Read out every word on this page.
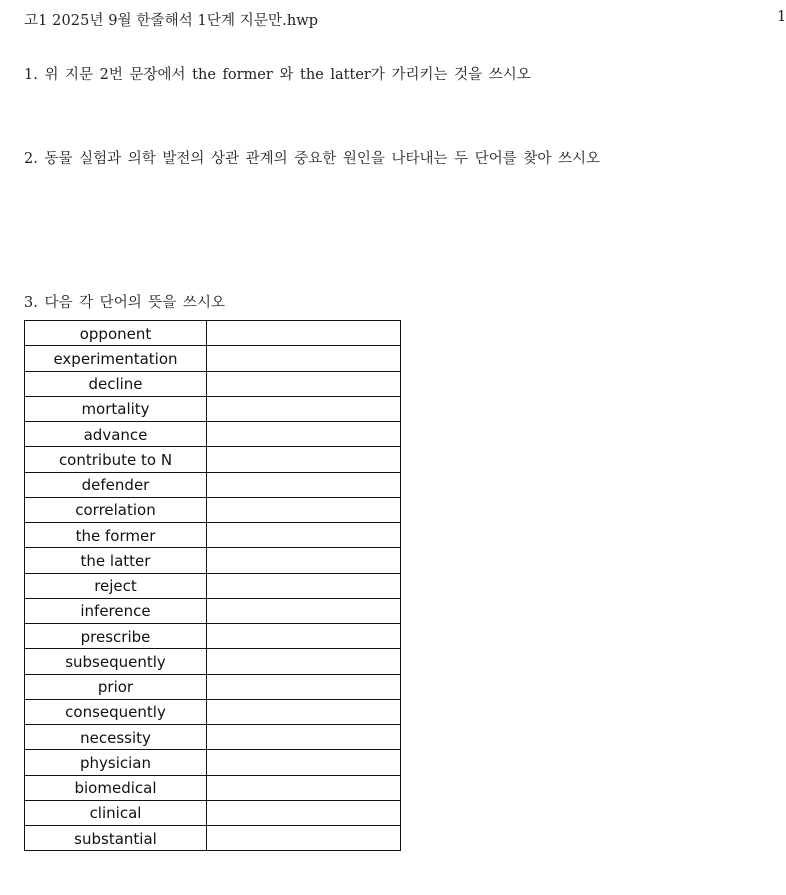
고1 2025년 9월 한줄해석 1단계 지문만.hwp	1
1. 위 지문 2번 문장에서 the former 와 the latter가 가리키는 것을 쓰시오
2. 동물 실험과 의학 발전의 상관 관계의 중요한 원인을 나타내는 두 단어를 찾아 쓰시오
3. 다음 각 단어의 뜻을 쓰시오
opponent	
experimentation	
decline	
mortality	
advance	
contribute to N	
defender	
correlation	
the former	
the latter	
reject	
inference	
prescribe	
subsequently	
prior	
consequently	
necessity	
physician	
biomedical	
clinical	
substantial	
